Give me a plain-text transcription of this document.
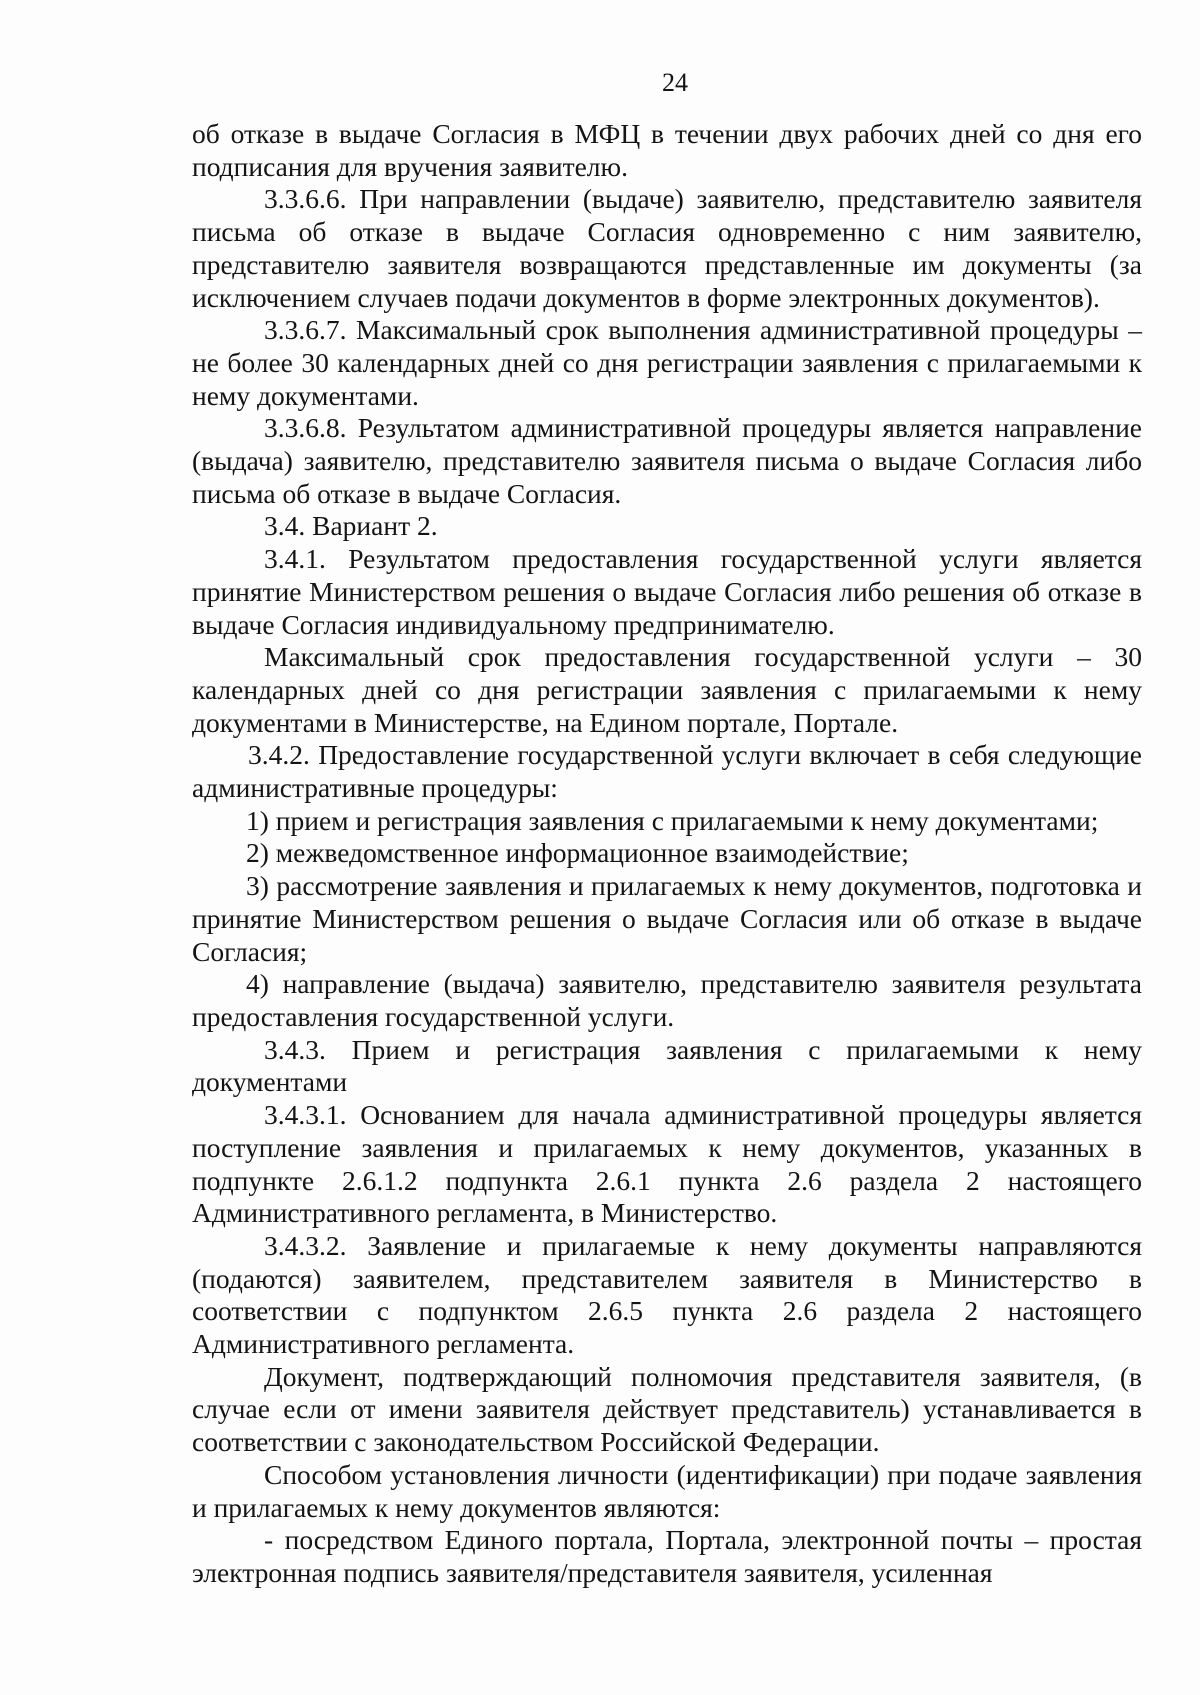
24

об отказе в выдаче Согласия в МФЦ в течении двух рабочих дней со дня его подписания для вручения заявителю.

3.3.6.6. При направлении (выдаче) заявителю, представителю заявителя письма об отказе в выдаче Согласия одновременно с ним заявителю, представителю заявителя возвращаются представленные им документы (за исключением случаев подачи документов в форме электронных документов).

3.3.6.7. Максимальный срок выполнения административной процедуры – не более 30 календарных дней со дня регистрации заявления с прилагаемыми к нему документами.

3.3.6.8. Результатом административной процедуры является направление (выдача) заявителю, представителю заявителя письма о выдаче Согласия либо письма об отказе в выдаче Согласия.

3.4. Вариант 2.

3.4.1. Результатом предоставления государственной услуги является принятие Министерством решения о выдаче Согласия либо решения об отказе в выдаче Согласия индивидуальному предпринимателю.

Максимальный срок предоставления государственной услуги – 30 календарных дней со дня регистрации заявления с прилагаемыми к нему документами в Министерстве, на Едином портале, Портале.

3.4.2. Предоставление государственной услуги включает в себя следующие административные процедуры:

1) прием и регистрация заявления с прилагаемыми к нему документами;

2) межведомственное информационное взаимодействие;

3) рассмотрение заявления и прилагаемых к нему документов, подготовка и принятие Министерством решения о выдаче Согласия или об отказе в выдаче Согласия;

4) направление (выдача) заявителю, представителю заявителя результата предоставления государственной услуги.

3.4.3. Прием и регистрация заявления с прилагаемыми к нему документами

3.4.3.1. Основанием для начала административной процедуры является поступление заявления и прилагаемых к нему документов, указанных в подпункте 2.6.1.2 подпункта 2.6.1 пункта 2.6 раздела 2 настоящего Административного регламента, в Министерство.

3.4.3.2. Заявление и прилагаемые к нему документы направляются (подаются) заявителем, представителем заявителя в Министерство в соответствии с подпунктом 2.6.5 пункта 2.6 раздела 2 настоящего Административного регламента.

Документ, подтверждающий полномочия представителя заявителя, (в случае если от имени заявителя действует представитель) устанавливается в соответствии с законодательством Российской Федерации.

Способом установления личности (идентификации) при подаче заявления и прилагаемых к нему документов являются:

- посредством Единого портала, Портала, электронной почты – простая электронная подпись заявителя/представителя заявителя, усиленная
